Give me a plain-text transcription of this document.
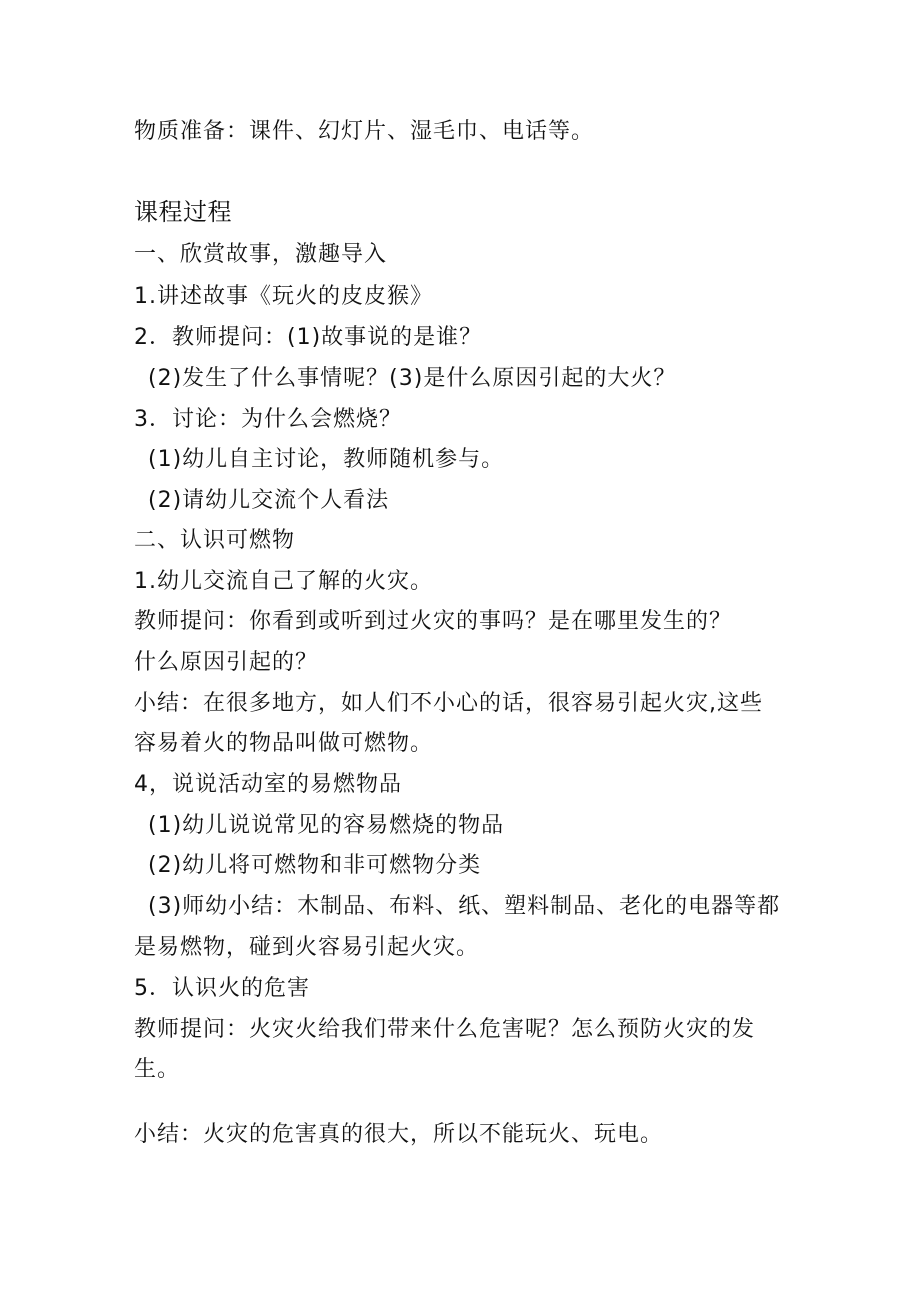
物质准备：课件、幻灯片、湿毛巾、电话等。
课程过程
一、欣赏故事，激趣导入
1.讲述故事《玩火的皮皮猴》
2．教师提问：(1)故事说的是谁？
(2)发生了什么事情呢？(3)是什么原因引起的大火？
3．讨论：为什么会燃烧？
(1)幼儿自主讨论，教师随机参与。
(2)请幼儿交流个人看法
二、认识可燃物
1.幼儿交流自己了解的火灾。
教师提问：你看到或听到过火灾的事吗？是在哪里发生的？
什么原因引起的？
小结：在很多地方，如人们不小心的话，很容易引起火灾,这些
容易着火的物品叫做可燃物。
4，说说活动室的易燃物品
(1)幼儿说说常见的容易燃烧的物品
(2)幼儿将可燃物和非可燃物分类
(3)师幼小结：木制品、布料、纸、塑料制品、老化的电器等都
是易燃物，碰到火容易引起火灾。
5．认识火的危害
教师提问：火灾火给我们带来什么危害呢？怎么预防火灾的发
生。
小结：火灾的危害真的很大，所以不能玩火、玩电。
